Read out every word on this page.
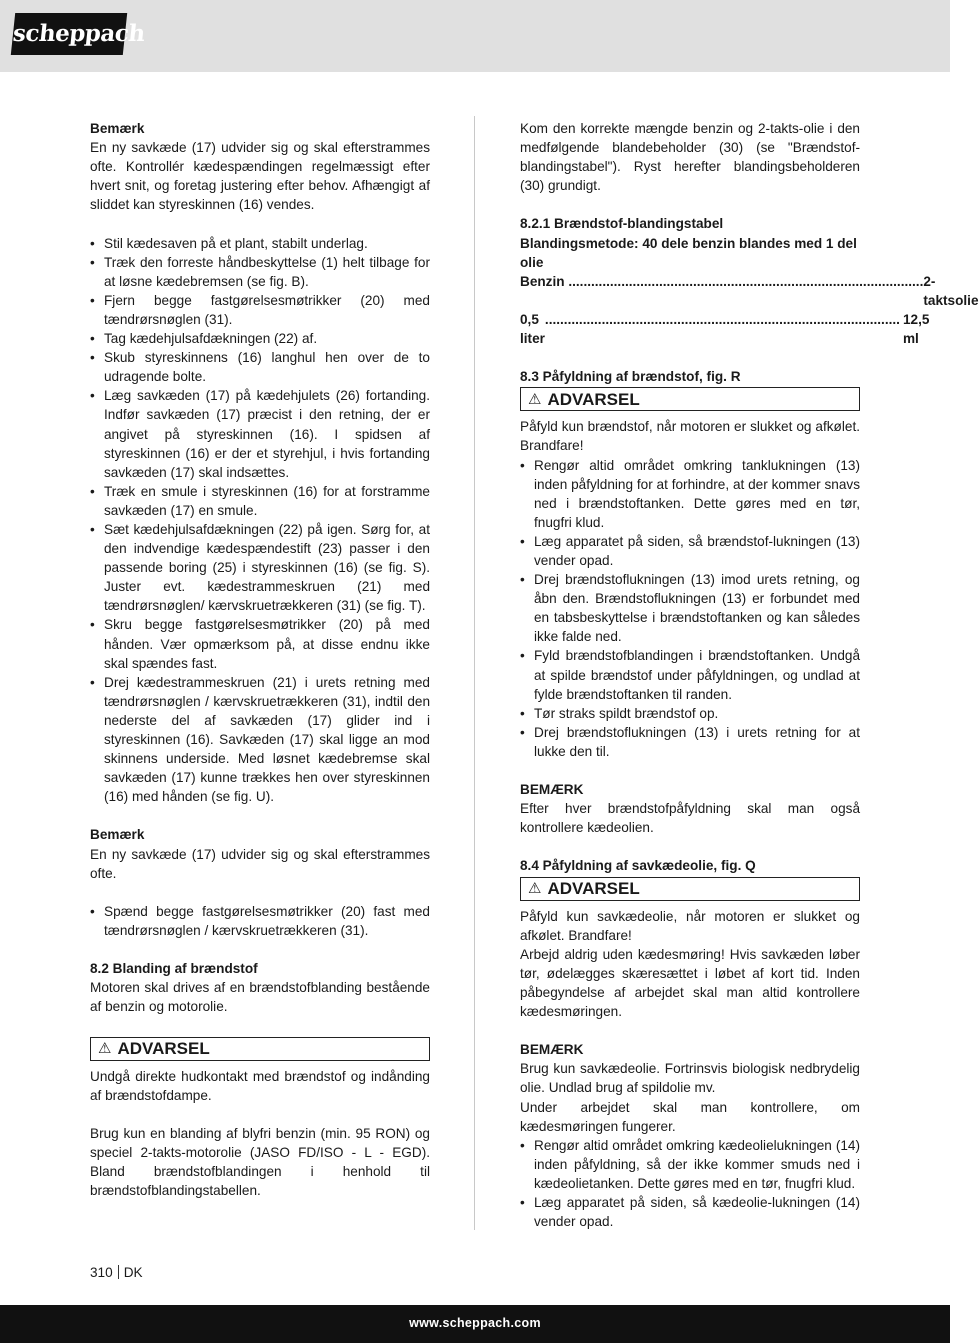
scheppach

Bemærk

En ny savkæde (17) udvider sig og skal efterstrammes ofte. Kontrollér kædespændingen regelmæssigt efter hvert snit, og foretag justering efter behov. Afhængigt af sliddet kan styreskinnen (16) vendes.

• Stil kædesaven på et plant, stabilt underlag.
• Træk den forreste håndbeskyttelse (1) helt tilbage for at løsne kædebremsen (se fig. B).
• Fjern begge fastgørelsesmøtrikker (20) med tændrørsnøglen (31).
• Tag kædehjulsafdækningen (22) af.
• Skub styreskinnens (16) langhul hen over de to udragende bolte.
• Læg savkæden (17) på kædehjulets (26) fortanding. Indfør savkæden (17) præcist i den retning, der er angivet på styreskinnen (16). I spidsen af styreskinnen (16) er der et styrehjul, i hvis fortanding savkæden (17) skal indsættes.
• Træk en smule i styreskinnen (16) for at forstramme savkæden (17) en smule.
• Sæt kædehjulsafdækningen (22) på igen. Sørg for, at den indvendige kædespændestift (23) passer i den passende boring (25) i styreskinnen (16) (se fig. S). Juster evt. kædestrammeskruen (21) med tændrørsnøglen/ kærvskruetrækkeren (31) (se fig. T).
• Skru begge fastgørelsesmøtrikker (20) på med hånden. Vær opmærksom på, at disse endnu ikke skal spændes fast.
• Drej kædestrammeskruen (21) i urets retning med tændrørsnøglen / kærvskruetrækkeren (31), indtil den nederste del af savkæden (17) glider ind i styreskinnen (16). Savkæden (17) skal ligge an mod skinnens underside. Med løsnet kædebremse skal savkæden (17) kunne trækkes hen over styreskinnen (16) med hånden (se fig. U).

Bemærk

En ny savkæde (17) udvider sig og skal efterstrammes ofte.

• Spænd begge fastgørelsesmøtrikker (20) fast med tændrørsnøglen / kærvskruetrækkeren (31).

8.2 Blanding af brændstof

Motoren skal drives af en brændstofblanding bestående af benzin og motorolie.

⚠ ADVARSEL

Undgå direkte hudkontakt med brændstof og indånding af brændstofdampe.

Brug kun en blanding af blyfri benzin (min. 95 RON) og speciel 2-takts-motorolie (JASO FD/ISO - L - EGD). Bland brændstofblandingen i henhold til brændstofblandingstabellen.

Kom den korrekte mængde benzin og 2-takts-olie i den medfølgende blandebeholder (30) (se "Brændstof-blandingstabel"). Ryst herefter blandingsbeholderen (30) grundigt.

8.2.1 Brændstof-blandingstabel

Blandingsmetode: 40 dele benzin blandes med 1 del olie

Benzin .............................................................................................. 2-taktsolie
0,5 liter
.............................................................................................. 12,5 ml

8.3 Påfyldning af brændstof, fig. R

⚠ ADVARSEL

Påfyld kun brændstof, når motoren er slukket og afkølet. Brandfare!

• Rengør altid området omkring tanklukningen (13) inden påfyldning for at forhindre, at der kommer snavs ned i brændstoftanken. Dette gøres med en tør, fnugfri klud.
• Læg apparatet på siden, så brændstof-lukningen (13) vender opad.
• Drej brændstoflukningen (13) imod urets retning, og åbn den. Brændstoflukningen (13) er forbundet med en tabsbeskyttelse i brændstoftanken og kan således ikke falde ned.
• Fyld brændstofblandingen i brændstoftanken. Undgå at spilde brændstof under påfyldningen, og undlad at fylde brændstoftanken til randen.
• Tør straks spildt brændstof op.
• Drej brændstoflukningen (13) i urets retning for at lukke den til.

BEMÆRK

Efter hver brændstofpåfyldning skal man også kontrollere kædeolien.

8.4 Påfyldning af savkædeolie, fig. Q

⚠ ADVARSEL

Påfyld kun savkædeolie, når motoren er slukket og afkølet. Brandfare!

Arbejd aldrig uden kædesmøring! Hvis savkæden løber tør, ødelægges skæresættet i løbet af kort tid. Inden påbegyndelse af arbejdet skal man altid kontrollere kædesmøringen.

BEMÆRK

Brug kun savkædeolie. Fortrinsvis biologisk nedbrydelig olie. Undlad brug af spildolie mv.

Under arbejdet skal man kontrollere, om kædesmøringen fungerer.

• Rengør altid området omkring kædeolielukningen (14) inden påfyldning, så der ikke kommer smuds ned i kædeolietanken. Dette gøres med en tør, fnugfri klud.
• Læg apparatet på siden, så kædeolie-lukningen (14) vender opad.
310 DK
www.scheppach.com
